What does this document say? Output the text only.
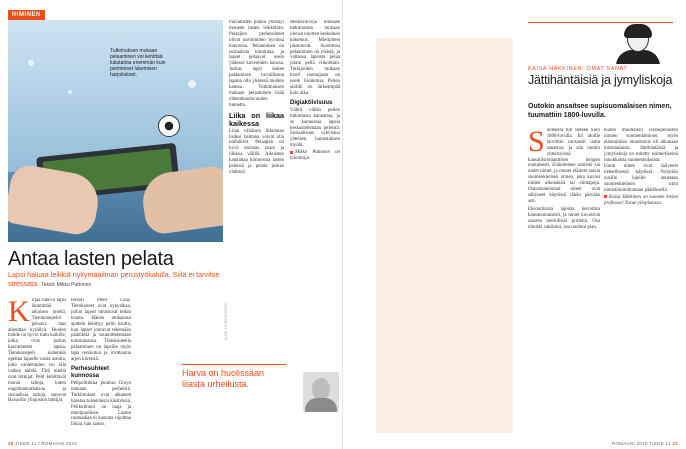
IHMINEN
Tutkimuksen mukaan pelaaminen voi kehittää lukutaitoa enemmän kuin perinteiset lukemisen harjoitukset.
Antaa lasten pelata
Lapsi haluaa leikkiä nykymaailman perustyökalulla. Siitä ei tarvitse stressata. Teksti: Mikko Puttonen
K irjaa lukeva lapsi lämmittää aikuisen mieltä. Tietokonepeliä pelaava taas aiheuttaa kyräilyä. Huolen hohde on hyvin tuttu kaikille, jotka ovat joskus kasvattaneet lapsia. Tietokonepeli kuitenkin opettaa lapselle uusia asioita, joita vanhempien voi olla vaikea nähdä. Tätä mieltä ovat tutkijat. Pelit kehittävät monia taitoja, kuten ongelmanratkaisua ja sosiaalisia taitoja, sanovat Havardin yliopiston tutkijat.

fessori Peter Gray. Tietokoneet ovat nykyaikaa, joihin lapset tutustuvat leikin kautta. Hänen mukaansa ajattelu kehittyy pelin kautta, kun lapset joutuvat tekemään päätöksiä ja suunnittelemaan toimintaansa. Tietokoneella pelaaminen on lapsille myös tapa rentoutua ja irrottautua arjen kiireistä.

Perhesuhteet kunnossa

Pelipolitiikka puuttuu Grayn mukaan perheistä. Tutkimukset ovat alkaneet haastaa toisenlaisia käsityksiä. Pelikulttuuri on laaja ja monipuolinen. Lasten ruutuaikaa ei kannata rajoittaa liikaa, hän sanoo.

Päivätusten puuha yhdistyi moneen lasten leikkeihin. Pelaajien perhesuhteet olivat useimmiten hyvässä kunnossa. Pelaaminen on sosiaalista toimintaa, ja lapset pelaavat usein yhdessä kavereiden kanssa. Joskus lapsi kokee pelaamisen turvallisena tapana olla yhdessä muiden kanssa. Tutkimuksen mukaan pelaaminen lisää yhteenkuuluvuuden tunnetta.

Liika on liikaa kaikessa

Liian vähäisen liikunnan lisäksi haittana voivat olla unihäiriöt. Pelaajien on hyvä muistaa tauot ja liikkua välillä. Aikuisten kannattaa kiinnostua lasten peleistä ja pelata joskus yhdessä.

Mediavalvoja ilmaisee tutkimusten mukaan olevan nuorten keskeinen kokemus. Mielipiteet jakautuvat. Suomessa pelaaminen on yleistä, ja valtaosa lapsista pelaa jotain peliä viikoittain. Tutkijoiden mukaan huoli ruutuajasta on usein liioiteltua. Pelien sisältö on tärkeämpää kuin aika.

Digiaktiivisuus

Välttä vähän pelien tutkimusta kannattaa, ja se kannustaa lapsia keskustelemaan peleistä. Sosiaalisuus vahvistuu yhteisen harrastuksen myötä.

Mikko Puttonen on toimittaja.

KUVA: ISTOCKPHOTO
Harva on huolissaan liiasta urheilusta.
20 TIEDE 11 / ROMAANI 2015	ROMAANI 2015 TIEDE 11 21
KAISA HÄKKINEN: OMAT SANAT
Jättihäntäisiä ja jymyliskoja
Outokin ansaitsee supisuomalaisen nimen, tuumattiin 1800-luvulla.
S uomesta tuli tieteen kieli 1800-luvulla. Eri aloille tarvittiin runsaasti uutta sanastoa, ja sitä luotiin yhteistyössä kansallisromanttisen hengen mukaisesti. Eläintieteen nimistö sai uudet nimet, ja monet eläimet saivat suomenkielisen nimen, joka kuvasi niiden ulkonäköä tai elintapoja. Onnistuneimmat nimet ovat säilyneet käytössä tähän päivään asti.

Eksoottisista lajeista kerrottiin kansanomaisesti, ja nimet kuvasivat otusten merkillisiä piirteitä. Osa nimistä vakiintui, osa unohtui pian.

Kuten muidenkin vierasperäisten nimien suomentaminen, myös eläinnimien muodostus oli aikanaan kiistanalaista. Jättihäntäisiä ja jymyliskoja on esitetty esimerkkeinä innokkaista suomennoksista.

Useat nimet ovat säilyneet tieteellisessä käytössä. Nykyään uusille lajeille annetaan suomenkielinen nimi nimistötoimikunnan päätöksellä.

Kaisa Häkkinen on suomen kielen professori Turun yliopistossa.
